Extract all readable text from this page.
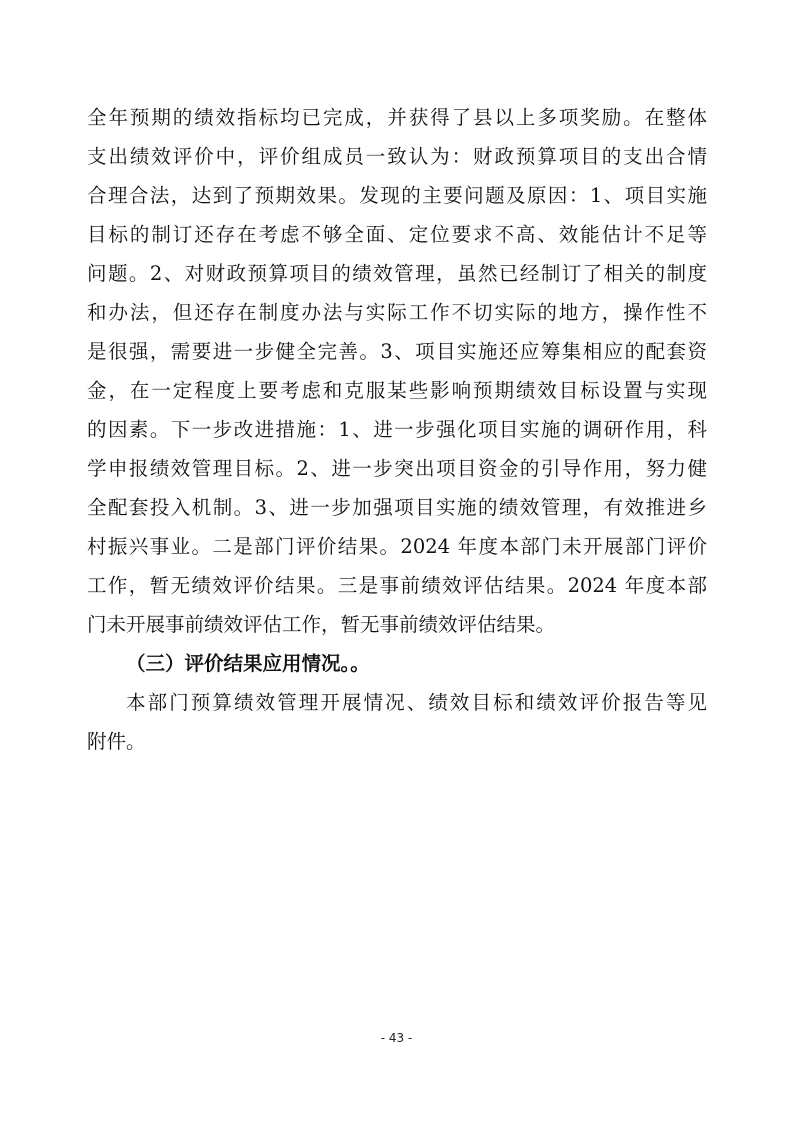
全年预期的绩效指标均已完成，并获得了县以上多项奖励。在整体
支出绩效评价中，评价组成员一致认为：财政预算项目的支出合情
合理合法，达到了预期效果。发现的主要问题及原因：1、项目实施
目标的制订还存在考虑不够全面、定位要求不高、效能估计不足等
问题。2、对财政预算项目的绩效管理，虽然已经制订了相关的制度
和办法，但还存在制度办法与实际工作不切实际的地方，操作性不
是很强，需要进一步健全完善。3、项目实施还应筹集相应的配套资
金，在一定程度上要考虑和克服某些影响预期绩效目标设置与实现
的因素。下一步改进措施：1、进一步强化项目实施的调研作用，科
学申报绩效管理目标。2、进一步突出项目资金的引导作用，努力健
全配套投入机制。3、进一步加强项目实施的绩效管理，有效推进乡
村振兴事业。二是部门评价结果。2024 年度本部门未开展部门评价
工作，暂无绩效评价结果。三是事前绩效评估结果。2024 年度本部
门未开展事前绩效评估工作，暂无事前绩效评估结果。
（三）评价结果应用情况。。
本部门预算绩效管理开展情况、绩效目标和绩效评价报告等见
附件。
- 43 -
